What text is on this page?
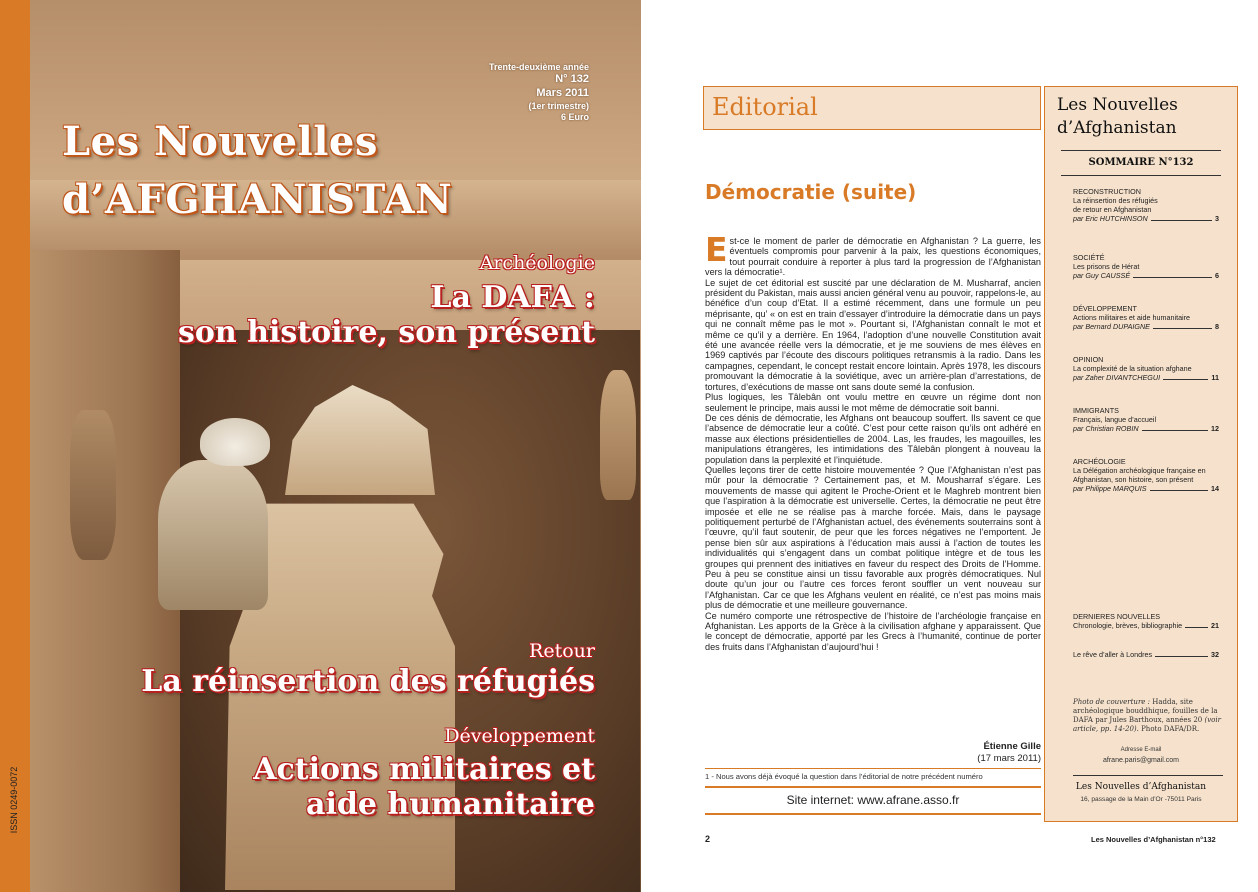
ISSN 0249-0072
Trente-deuxième année
N° 132
Mars 2011
(1er trimestre)
6 Euro
Les Nouvelles
d’AFGHANISTAN
Archéologie
La DAFA :
son histoire, son présent
Retour
La réinsertion des réfugiés
Développement
Actions militaires et
aide humanitaire
Editorial
Démocratie (suite)

Est-ce le moment de parler de démocratie en Afghanistan ? La guerre, les éventuels compromis pour parvenir à la paix, les questions économiques, tout pourrait conduire à reporter à plus tard la progression de l’Afghanistan vers la démocratie¹.

Le sujet de cet éditorial est suscité par une déclaration de M. Musharraf, ancien président du Pakistan, mais aussi ancien général venu au pouvoir, rappelons-le, au bénéfice d’un coup d’Etat. Il a estimé récemment, dans une formule un peu méprisante, qu’ « on est en train d’essayer d’introduire la démocratie dans un pays qui ne connaît même pas le mot ». Pourtant si, l’Afghanistan connaît le mot et même ce qu’il y a derrière. En 1964, l’adoption d’une nouvelle Constitution avait été une avancée réelle vers la démocratie, et je me souviens de mes élèves en 1969 captivés par l’écoute des discours politiques retransmis à la radio. Dans les campagnes, cependant, le concept restait encore lointain. Après 1978, les discours promouvant la démocratie à la soviétique, avec un arrière-plan d’arrestations, de tortures, d’exécutions de masse ont sans doute semé la confusion.

Plus logiques, les Tâlebân ont voulu mettre en œuvre un régime dont non seulement le principe, mais aussi le mot même de démocratie soit banni.

De ces dénis de démocratie, les Afghans ont beaucoup souffert. Ils savent ce que l’absence de démocratie leur a coûté. C’est pour cette raison qu’ils ont adhéré en masse aux élections présidentielles de 2004. Las, les fraudes, les magouilles, les manipulations étrangères, les intimidations des Tâlebân plongent à nouveau la population dans la perplexité et l’inquiétude.

Quelles leçons tirer de cette histoire mouvementée ? Que l’Afghanistan n’est pas mûr pour la démocratie ? Certainement pas, et M. Mousharraf s’égare. Les mouvements de masse qui agitent le Proche-Orient et le Maghreb montrent bien que l’aspiration à la démocratie est universelle. Certes, la démocratie ne peut être imposée et elle ne se réalise pas à marche forcée. Mais, dans le paysage politiquement perturbé de l’Afghanistan actuel, des événements souterrains sont à l’œuvre, qu’il faut soutenir, de peur que les forces négatives ne l’emportent. Je pense bien sûr aux aspirations à l’éducation mais aussi à l’action de toutes les individualités qui s’engagent dans un combat politique intègre et de tous les groupes qui prennent des initiatives en faveur du respect des Droits de l’Homme. Peu à peu se constitue ainsi un tissu favorable aux progrès démocratiques. Nul doute qu’un jour ou l’autre ces forces feront souffler un vent nouveau sur l’Afghanistan. Car ce que les Afghans veulent en réalité, ce n’est pas moins mais plus de démocratie et une meilleure gouvernance.

Ce numéro comporte une rétrospective de l’histoire de l’archéologie française en Afghanistan. Les apports de la Grèce à la civilisation afghane y apparaissent. Que le concept de démocratie, apporté par les Grecs à l’humanité, continue de porter des fruits dans l’Afghanistan d’aujourd’hui !

Étienne Gille
(17 mars 2011)
1 - Nous avons déjà évoqué la question dans l’éditorial de notre précédent numéro
Site internet: www.afrane.asso.fr
2	Les Nouvelles d’Afghanistan n°132
Les Nouvelles
d’Afghanistan
SOMMAIRE N°132
RECONSTRUCTION
La réinsertion des réfugiés
de retour en Afghanistan
par Eric HUTCHINSON	3
SOCIÉTÉ
Les prisons de Hérat
par Guy CAUSSÉ	6
DÉVELOPPEMENT
Actions militaires et aide humanitaire
par Bernard DUPAIGNE	8
OPINION
La complexité de la situation afghane
par Zaher DIVANTCHEGUI	11
IMMIGRANTS
Français, langue d’accueil
par Christian ROBIN	12
ARCHÉOLOGIE
La Délégation archéologique française en
Afghanistan, son histoire, son présent
par Philippe MARQUIS	14
DERNIERES NOUVELLES
Chronologie, brèves, bibliographie	21
Le rêve d’aller à Londres	32
Photo de couverture : Hadda, site archéologique bouddhique, fouilles de la DAFA par Jules Barthoux, années 20 (voir article, pp. 14-20). Photo DAFA/DR.
Adresse E-mail
afrane.paris@gmail.com
Les Nouvelles d’Afghanistan
16, passage de la Main d’Or -75011 Paris
